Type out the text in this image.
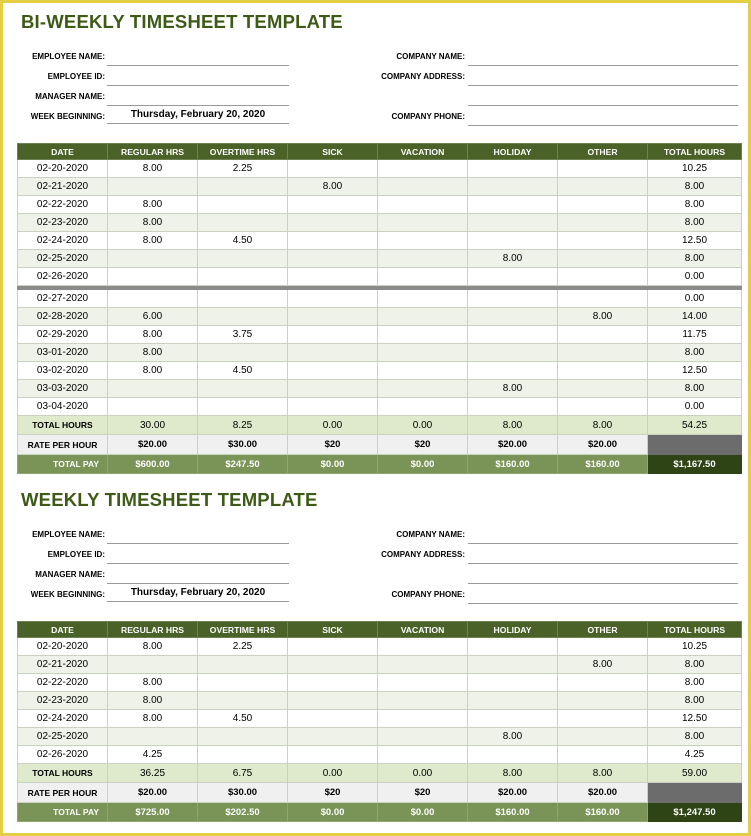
BI-WEEKLY TIMESHEET TEMPLATE
EMPLOYEE NAME:
EMPLOYEE ID:
MANAGER NAME:
WEEK BEGINNING:	Thursday, February 20, 2020
COMPANY NAME:
COMPANY ADDRESS:
COMPANY PHONE:
DATE	REGULAR HRS	OVERTIME HRS	SICK	VACATION	HOLIDAY	OTHER	TOTAL HOURS
02-20-2020	8.00	2.25					10.25
02-21-2020			8.00				8.00
02-22-2020	8.00						8.00
02-23-2020	8.00						8.00
02-24-2020	8.00	4.50					12.50
02-25-2020					8.00		8.00
02-26-2020							0.00

02-27-2020							0.00
02-28-2020	6.00					8.00	14.00
02-29-2020	8.00	3.75					11.75
03-01-2020	8.00						8.00
03-02-2020	8.00	4.50					12.50
03-03-2020					8.00		8.00
03-04-2020							0.00
TOTAL HOURS	30.00	8.25	0.00	0.00	8.00	8.00	54.25
RATE PER HOUR	$20.00	$30.00	$20	$20	$20.00	$20.00	
TOTAL PAY	$600.00	$247.50	$0.00	$0.00	$160.00	$160.00	$1,167.50
WEEKLY TIMESHEET TEMPLATE
EMPLOYEE NAME:
EMPLOYEE ID:
MANAGER NAME:
WEEK BEGINNING:	Thursday, February 20, 2020
COMPANY NAME:
COMPANY ADDRESS:
COMPANY PHONE:
DATE	REGULAR HRS	OVERTIME HRS	SICK	VACATION	HOLIDAY	OTHER	TOTAL HOURS
02-20-2020	8.00	2.25					10.25
02-21-2020						8.00	8.00
02-22-2020	8.00						8.00
02-23-2020	8.00						8.00
02-24-2020	8.00	4.50					12.50
02-25-2020					8.00		8.00
02-26-2020	4.25						4.25
TOTAL HOURS	36.25	6.75	0.00	0.00	8.00	8.00	59.00
RATE PER HOUR	$20.00	$30.00	$20	$20	$20.00	$20.00	
TOTAL PAY	$725.00	$202.50	$0.00	$0.00	$160.00	$160.00	$1,247.50
